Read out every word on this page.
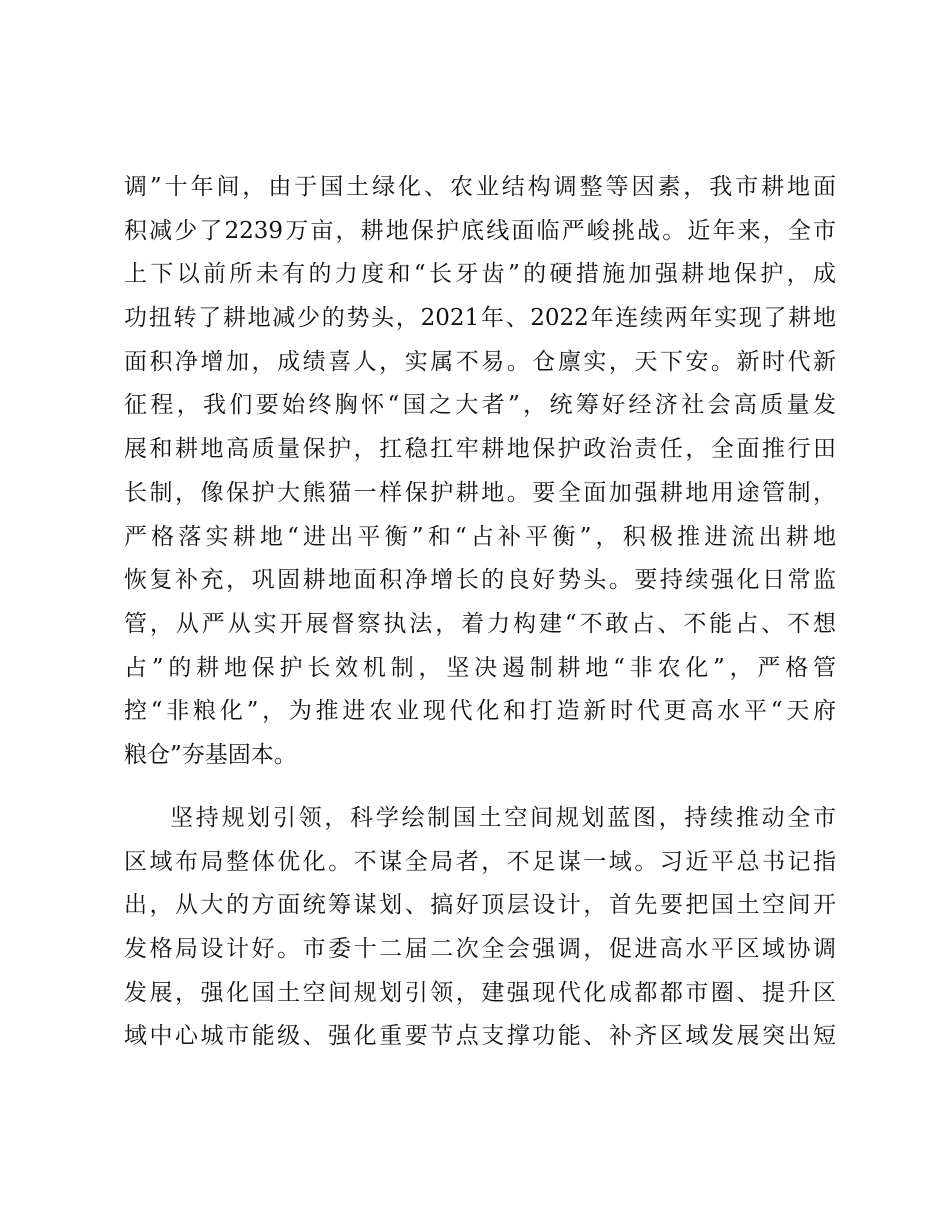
调”十年间，由于国土绿化、农业结构调整等因素，我市耕地面
积减少了2239万亩，耕地保护底线面临严峻挑战。近年来，全市
上下以前所未有的力度和“长牙齿”的硬措施加强耕地保护，成
功扭转了耕地减少的势头，2021年、2022年连续两年实现了耕地
面积净增加，成绩喜人，实属不易。仓廪实，天下安。新时代新
征程，我们要始终胸怀“国之大者”，统筹好经济社会高质量发
展和耕地高质量保护，扛稳扛牢耕地保护政治责任，全面推行田
长制，像保护大熊猫一样保护耕地。要全面加强耕地用途管制，
严格落实耕地“进出平衡”和“占补平衡”，积极推进流出耕地
恢复补充，巩固耕地面积净增长的良好势头。要持续强化日常监
管，从严从实开展督察执法，着力构建“不敢占、不能占、不想
占”的耕地保护长效机制，坚决遏制耕地“非农化”，严格管
控“非粮化”，为推进农业现代化和打造新时代更高水平“天府
粮仓”夯基固本。
坚持规划引领，科学绘制国土空间规划蓝图，持续推动全市
区域布局整体优化。不谋全局者，不足谋一域。习近平总书记指
出，从大的方面统筹谋划、搞好顶层设计，首先要把国土空间开
发格局设计好。市委十二届二次全会强调，促进高水平区域协调
发展，强化国土空间规划引领，建强现代化成都都市圈、提升区
域中心城市能级、强化重要节点支撑功能、补齐区域发展突出短
